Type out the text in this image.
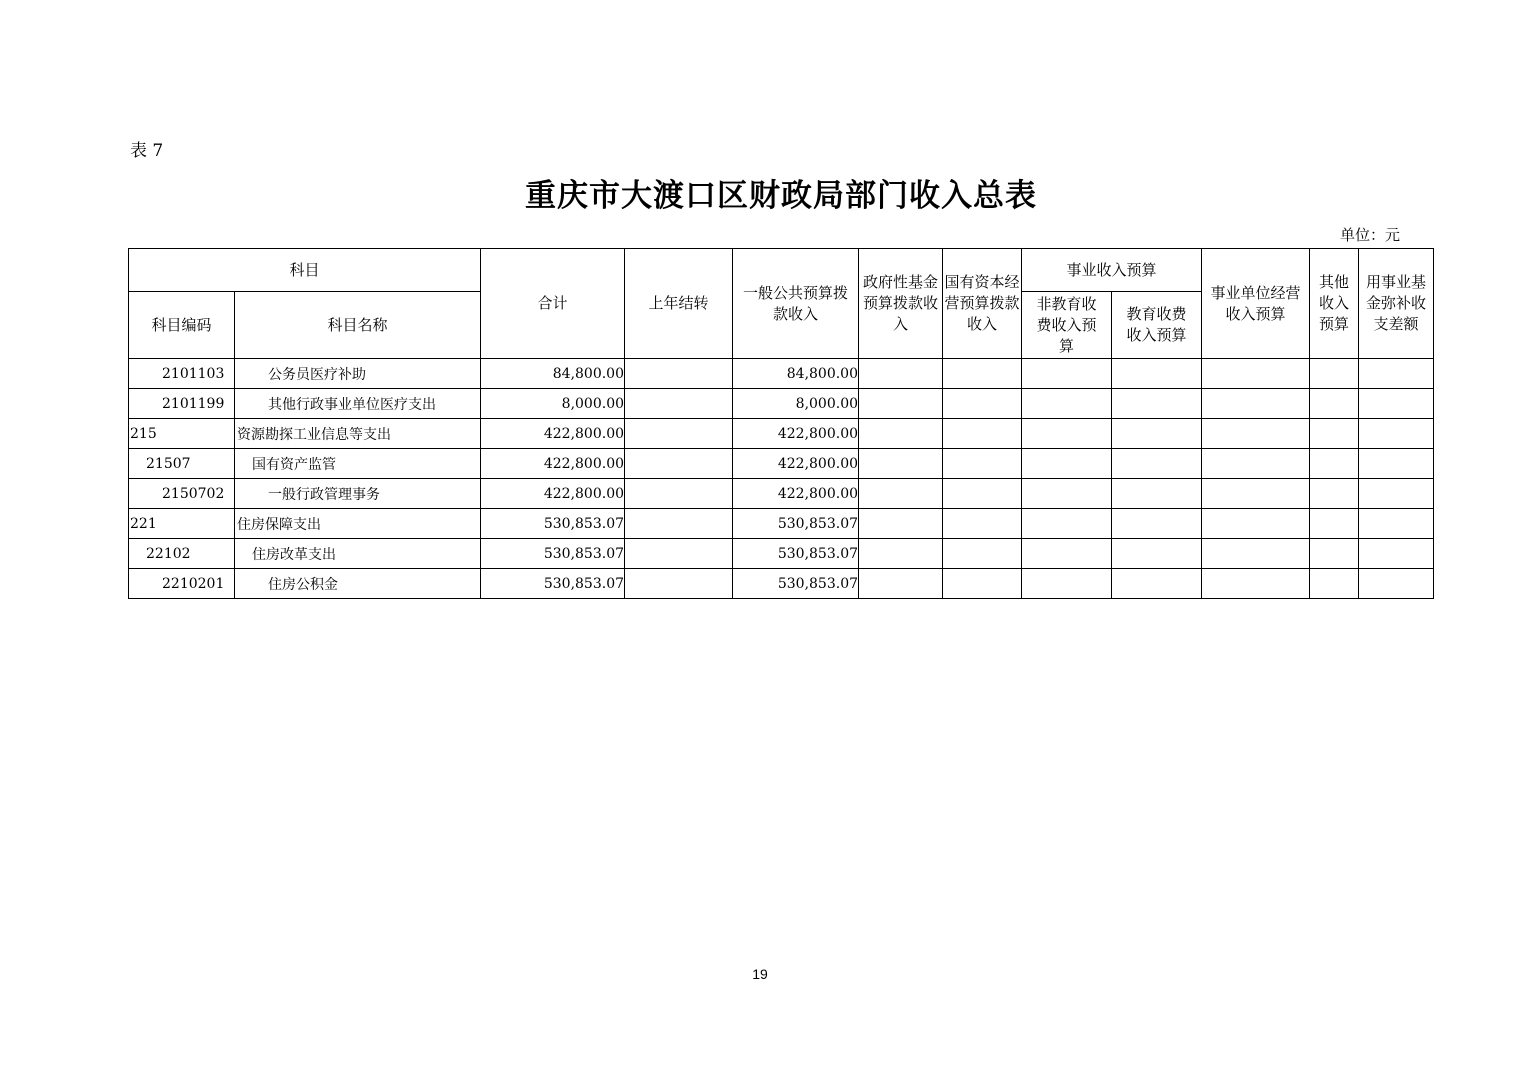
表 7
重庆市大渡口区财政局部门收入总表
单位：元
科目		合计	上年结转	一般公共预算拨款收入	政府性基金预算拨款收入	国有资本经营预算拨款收入	事业收入预算		事业单位经营收入预算	其他收入预算	用事业基金弥补收支差额
科目编码	科目名称						非教育收费收入预算	教育收费收入预算			
2101103	公务员医疗补助	84,800.00		84,800.00							
2101199	其他行政事业单位医疗支出	8,000.00		8,000.00							
215	资源勘探工业信息等支出	422,800.00		422,800.00							
21507	国有资产监管	422,800.00		422,800.00							
2150702	一般行政管理事务	422,800.00		422,800.00							
221	住房保障支出	530,853.07		530,853.07							
22102	住房改革支出	530,853.07		530,853.07							
2210201	住房公积金	530,853.07		530,853.07							
19
